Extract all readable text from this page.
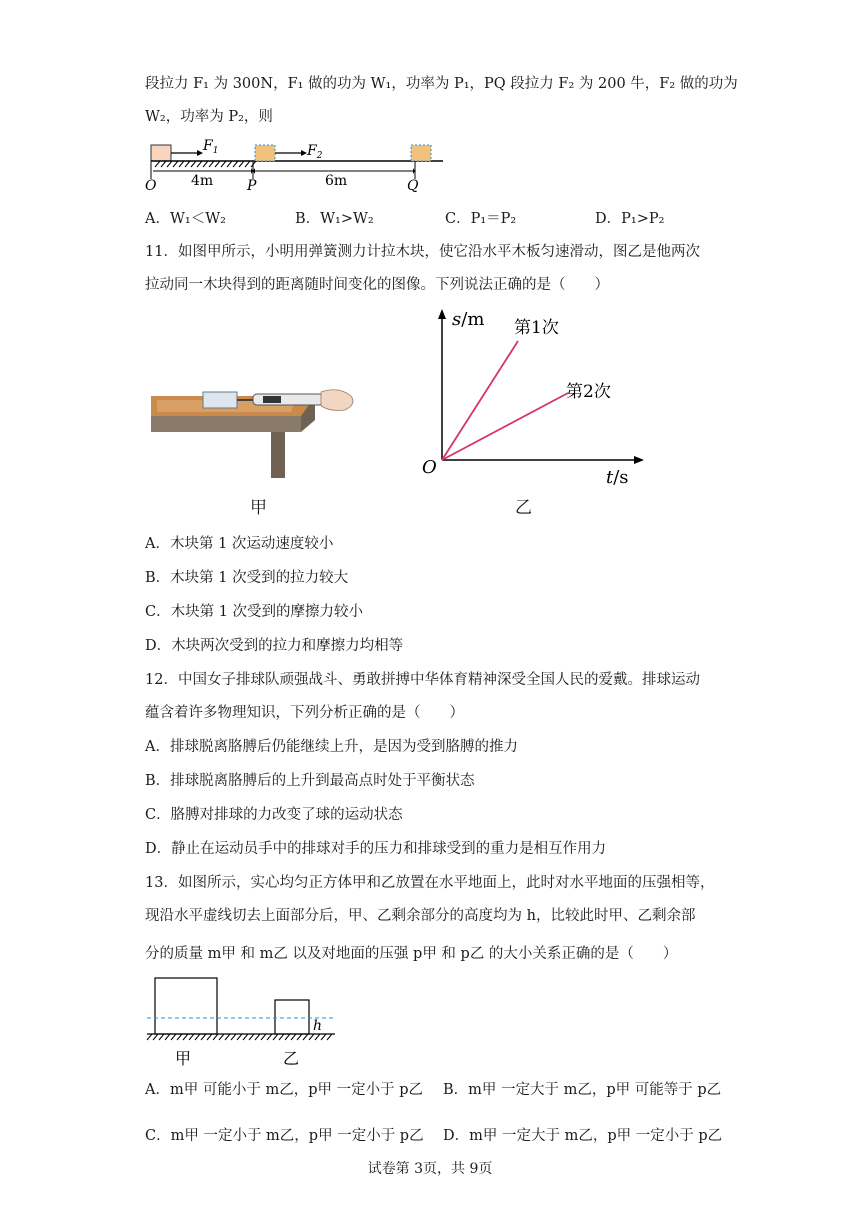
段拉力 F₁ 为 300N，F₁ 做的功为 W₁，功率为 P₁，PQ 段拉力 F₂ 为 200 牛，F₂ 做的功为
W₂，功率为 P₂，则
$F_1$	$F_2$
O 4m P	6m	Q
A．W₁＜W₂	B．W₁>W₂	C．P₁＝P₂	D．P₁>P₂
11．如图甲所示，小明用弹簧测力计拉木块，使它沿水平木板匀速滑动，图乙是他两次
拉动同一木块得到的距离随时间变化的图像。下列说法正确的是（　　）
甲
s/m 第1次
第2次
O	t/s
乙
A．木块第 1 次运动速度较小
B．木块第 1 次受到的拉力较大
C．木块第 1 次受到的摩擦力较小
D．木块两次受到的拉力和摩擦力均相等
12．中国女子排球队顽强战斗、勇敢拼搏中华体育精神深受全国人民的爱戴。排球运动
蕴含着许多物理知识，下列分析正确的是（　　）
A．排球脱离胳膊后仍能继续上升，是因为受到胳膊的推力
B．排球脱离胳膊后的上升到最高点时处于平衡状态
C．胳膊对排球的力改变了球的运动状态
D．静止在运动员手中的排球对手的压力和排球受到的重力是相互作用力
13．如图所示，实心均匀正方体甲和乙放置在水平地面上，此时对水平地面的压强相等，
现沿水平虚线切去上面部分后，甲、乙剩余部分的高度均为 h，比较此时甲、乙剩余部
分的质量 m甲 和 m乙 以及对地面的压强 p甲 和 p乙 的大小关系正确的是（　　）
h
甲	乙
A．m甲 可能小于 m乙，p甲 一定小于 p乙 B．m甲 一定大于 m乙，p甲 可能等于 p乙
C．m甲 一定小于 m乙，p甲 一定小于 p乙 D．m甲 一定大于 m乙，p甲 一定小于 p乙
试卷第 3页，共 9页
